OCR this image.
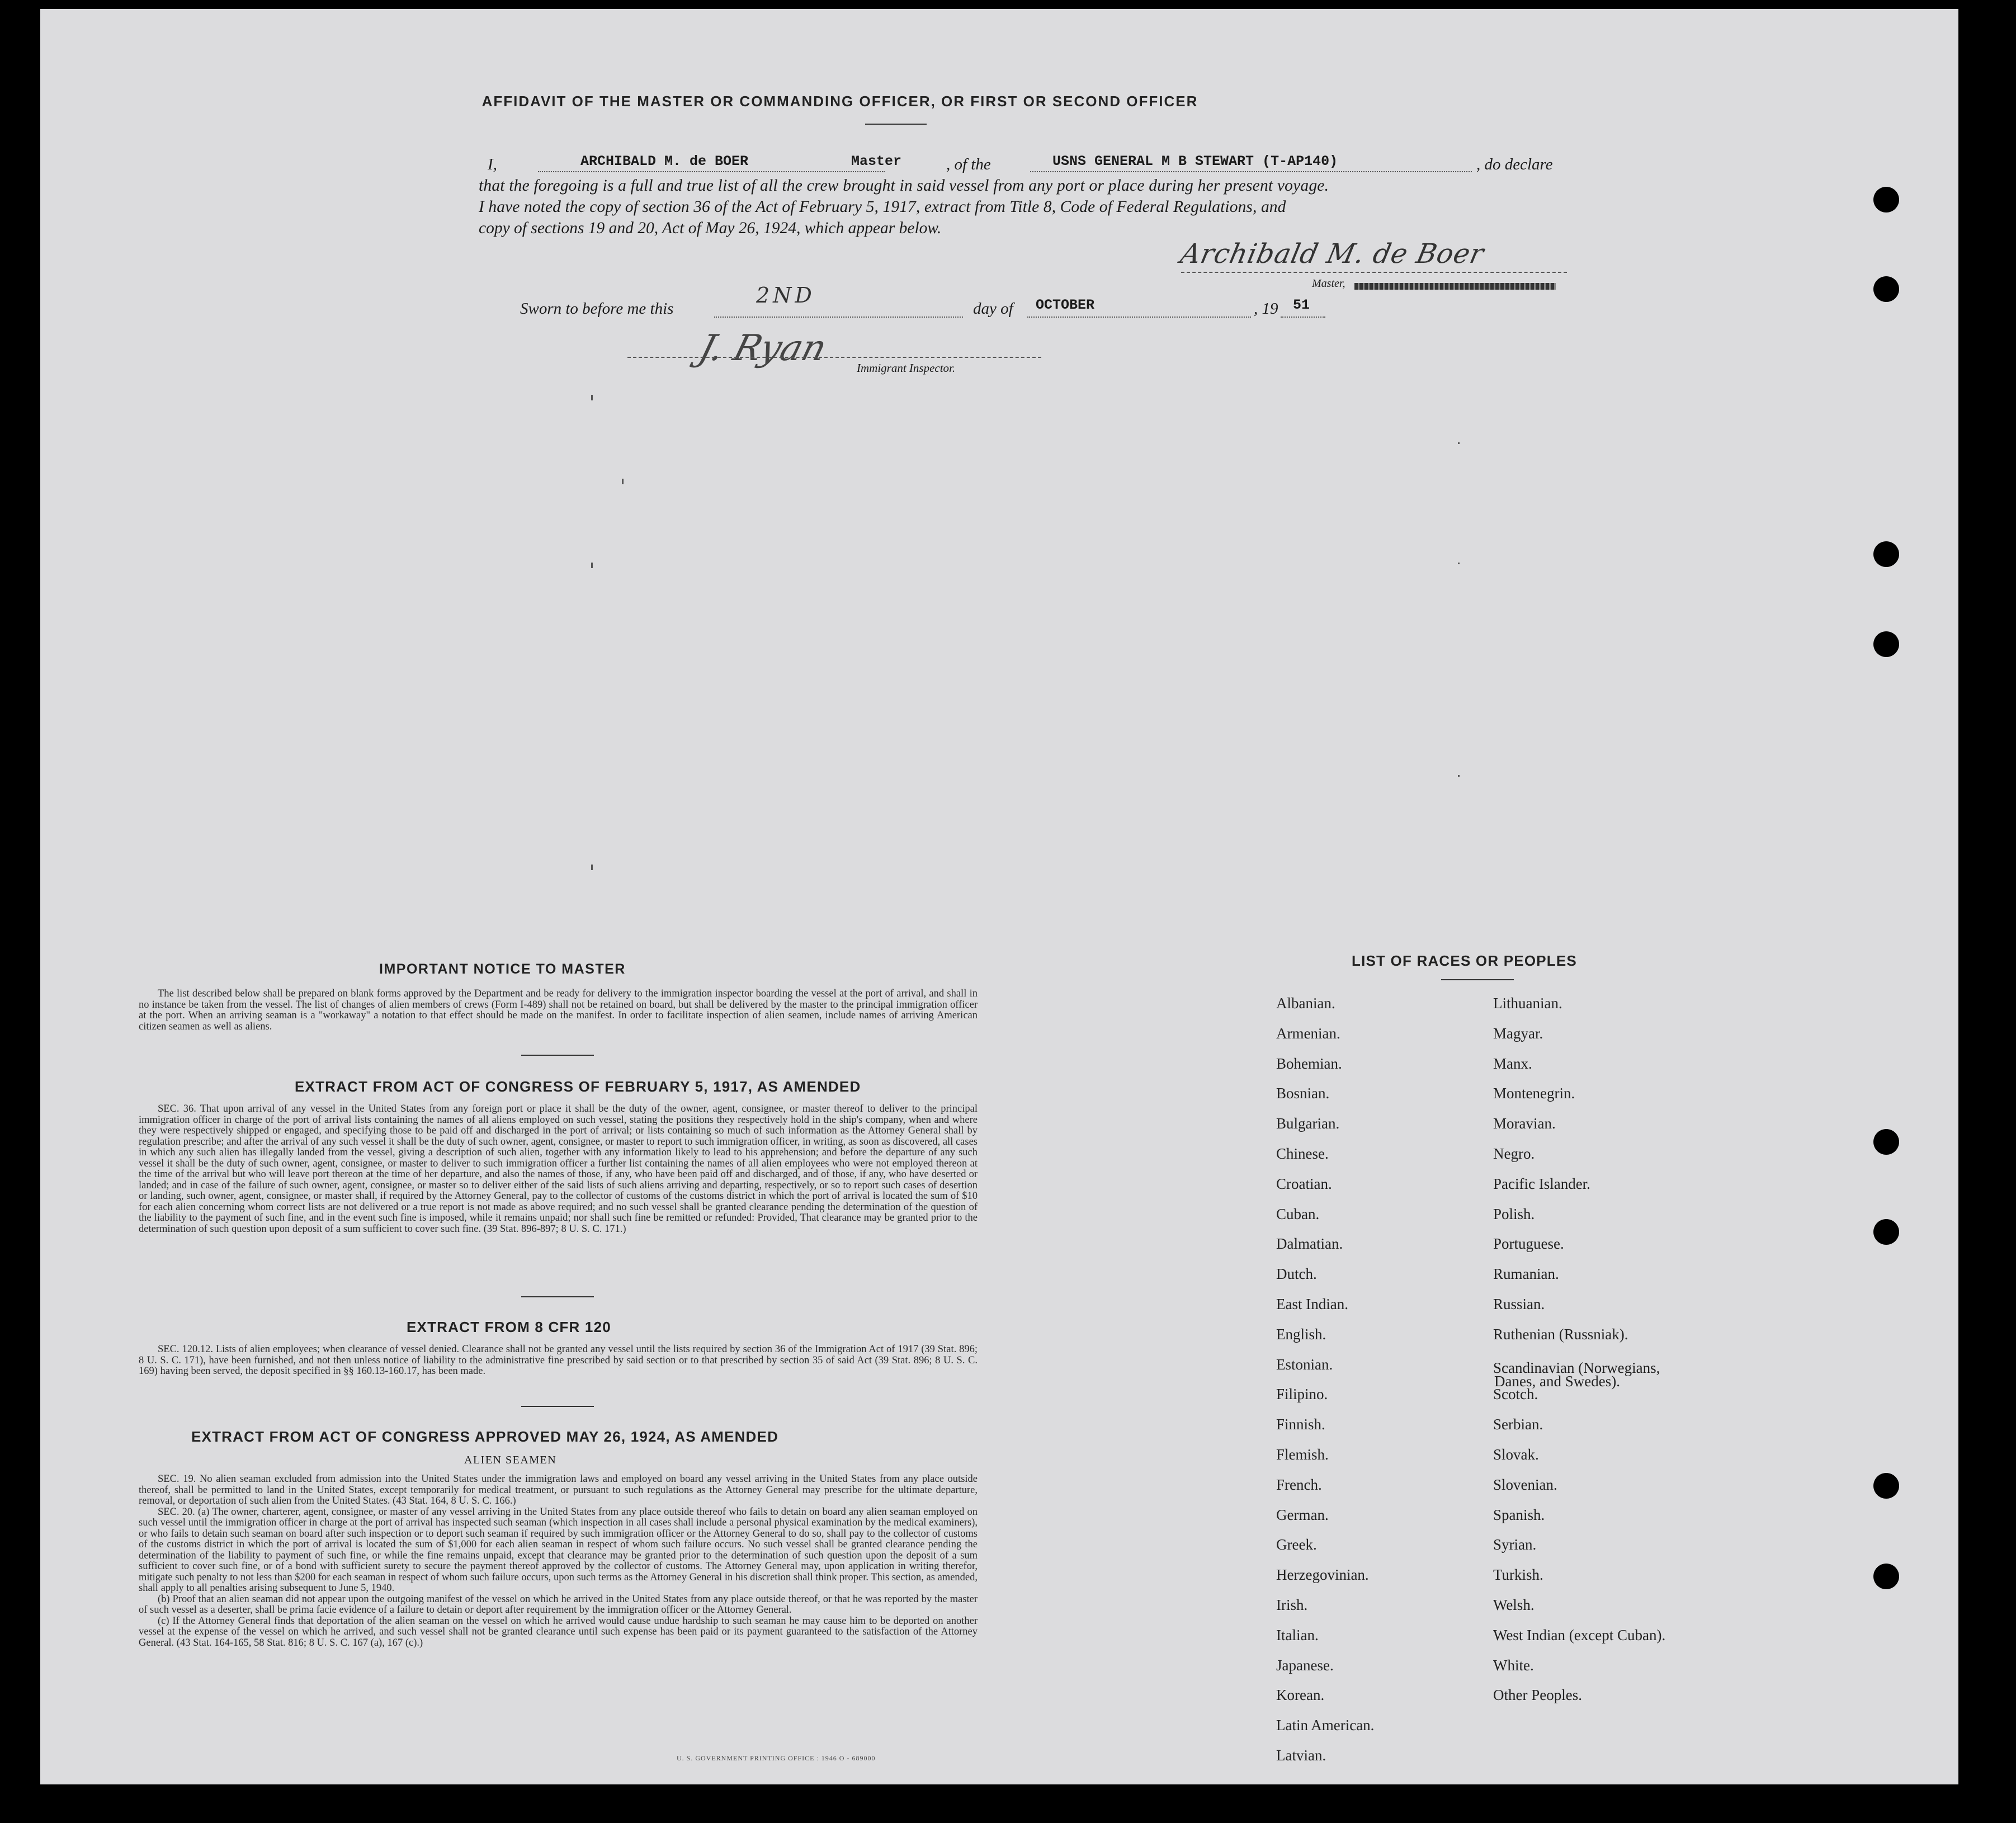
AFFIDAVIT OF THE MASTER OR COMMANDING OFFICER, OR FIRST OR SECOND OFFICER
I,	ARCHIBALD M. de BOER	Master	, of the	USNS GENERAL M B STEWART (T-AP140)	, do declare
that the foregoing is a full and true list of all the crew brought in said vessel from any port or place during her present voyage.
I have noted the copy of section 36 of the Act of February 5, 1917, extract from Title 8, Code of Federal Regulations, and
copy of sections 19 and 20, Act of May 26, 1924, which appear below.
Archibald M. de Boer
Master,
Sworn to before me this
2ND
day of OCTOBER	, 19 51
J. Ryan Immigrant Inspector.
IMPORTANT NOTICE TO MASTER

The list described below shall be prepared on blank forms approved by the Department and be ready for delivery to the immigration inspector boarding the vessel at the port of arrival, and shall in no instance be taken from the vessel. The list of changes of alien members of crews (Form I-489) shall not be retained on board, but shall be delivered by the master to the principal immigration officer at the port. When an arriving seaman is a "workaway" a notation to that effect should be made on the manifest. In order to facilitate inspection of alien seamen, include names of arriving American citizen seamen as well as aliens.

EXTRACT FROM ACT OF CONGRESS OF FEBRUARY 5, 1917, AS AMENDED

SEC. 36. That upon arrival of any vessel in the United States from any foreign port or place it shall be the duty of the owner, agent, consignee, or master thereof to deliver to the principal immigration officer in charge of the port of arrival lists containing the names of all aliens employed on such vessel, stating the positions they respectively hold in the ship's company, when and where they were respectively shipped or engaged, and specifying those to be paid off and discharged in the port of arrival; or lists containing so much of such information as the Attorney General shall by regulation prescribe; and after the arrival of any such vessel it shall be the duty of such owner, agent, consignee, or master to report to such immigration officer, in writing, as soon as discovered, all cases in which any such alien has illegally landed from the vessel, giving a description of such alien, together with any information likely to lead to his apprehension; and before the departure of any such vessel it shall be the duty of such owner, agent, consignee, or master to deliver to such immigration officer a further list containing the names of all alien employees who were not employed thereon at the time of the arrival but who will leave port thereon at the time of her departure, and also the names of those, if any, who have been paid off and discharged, and of those, if any, who have deserted or landed; and in case of the failure of such owner, agent, consignee, or master so to deliver either of the said lists of such aliens arriving and departing, respectively, or so to report such cases of desertion or landing, such owner, agent, consignee, or master shall, if required by the Attorney General, pay to the collector of customs of the customs district in which the port of arrival is located the sum of $10 for each alien concerning whom correct lists are not delivered or a true report is not made as above required; and no such vessel shall be granted clearance pending the determination of the question of the liability to the payment of such fine, and in the event such fine is imposed, while it remains unpaid; nor shall such fine be remitted or refunded: Provided, That clearance may be granted prior to the determination of such question upon deposit of a sum sufficient to cover such fine. (39 Stat. 896-897; 8 U. S. C. 171.)

EXTRACT FROM 8 CFR 120

SEC. 120.12. Lists of alien employees; when clearance of vessel denied. Clearance shall not be granted any vessel until the lists required by section 36 of the Immigration Act of 1917 (39 Stat. 896; 8 U. S. C. 171), have been furnished, and not then unless notice of liability to the administrative fine prescribed by said section or to that prescribed by section 35 of said Act (39 Stat. 896; 8 U. S. C. 169) having been served, the deposit specified in §§ 160.13-160.17, has been made.

EXTRACT FROM ACT OF CONGRESS APPROVED MAY 26, 1924, AS AMENDED
ALIEN SEAMEN

SEC. 19. No alien seaman excluded from admission into the United States under the immigration laws and employed on board any vessel arriving in the United States from any place outside thereof, shall be permitted to land in the United States, except temporarily for medical treatment, or pursuant to such regulations as the Attorney General may prescribe for the ultimate departure, removal, or deportation of such alien from the United States. (43 Stat. 164, 8 U. S. C. 166.)

SEC. 20. (a) The owner, charterer, agent, consignee, or master of any vessel arriving in the United States from any place outside thereof who fails to detain on board any alien seaman employed on such vessel until the immigration officer in charge at the port of arrival has inspected such seaman (which inspection in all cases shall include a personal physical examination by the medical examiners), or who fails to detain such seaman on board after such inspection or to deport such seaman if required by such immigration officer or the Attorney General to do so, shall pay to the collector of customs of the customs district in which the port of arrival is located the sum of $1,000 for each alien seaman in respect of whom such failure occurs. No such vessel shall be granted clearance pending the determination of the liability to payment of such fine, or while the fine remains unpaid, except that clearance may be granted prior to the determination of such question upon the deposit of a sum sufficient to cover such fine, or of a bond with sufficient surety to secure the payment thereof approved by the collector of customs. The Attorney General may, upon application in writing therefor, mitigate such penalty to not less than $200 for each seaman in respect of whom such failure occurs, upon such terms as the Attorney General in his discretion shall think proper. This section, as amended, shall apply to all penalties arising subsequent to June 5, 1940.

(b) Proof that an alien seaman did not appear upon the outgoing manifest of the vessel on which he arrived in the United States from any place outside thereof, or that he was reported by the master of such vessel as a deserter, shall be prima facie evidence of a failure to detain or deport after requirement by the immigration officer or the Attorney General.

(c) If the Attorney General finds that deportation of the alien seaman on the vessel on which he arrived would cause undue hardship to such seaman he may cause him to be deported on another vessel at the expense of the vessel on which he arrived, and such vessel shall not be granted clearance until such expense has been paid or its payment guaranteed to the satisfaction of the Attorney General. (43 Stat. 164-165, 58 Stat. 816; 8 U. S. C. 167 (a), 167 (c).)

U. S. GOVERNMENT PRINTING OFFICE : 1946 O - 689000
LIST OF RACES OR PEOPLES
Albanian.
Armenian.
Bohemian.
Bosnian.
Bulgarian.
Chinese.
Croatian.
Cuban.
Dalmatian.
Dutch.
East Indian.
English.
Estonian.
Filipino.
Finnish.
Flemish.
French.
German.
Greek.
Herzegovinian.
Irish.
Italian.
Japanese.
Korean.
Latin American.
Latvian.
Lithuanian.
Magyar.
Manx.
Montenegrin.
Moravian.
Negro.
Pacific Islander.
Polish.
Portuguese.
Rumanian.
Russian.
Ruthenian (Russniak).
Scandinavian (Norwegians,
Danes, and Swedes).
Scotch.
Serbian.
Slovak.
Slovenian.
Spanish.
Syrian.
Turkish.
Welsh.
West Indian (except Cuban).
White.
Other Peoples.
